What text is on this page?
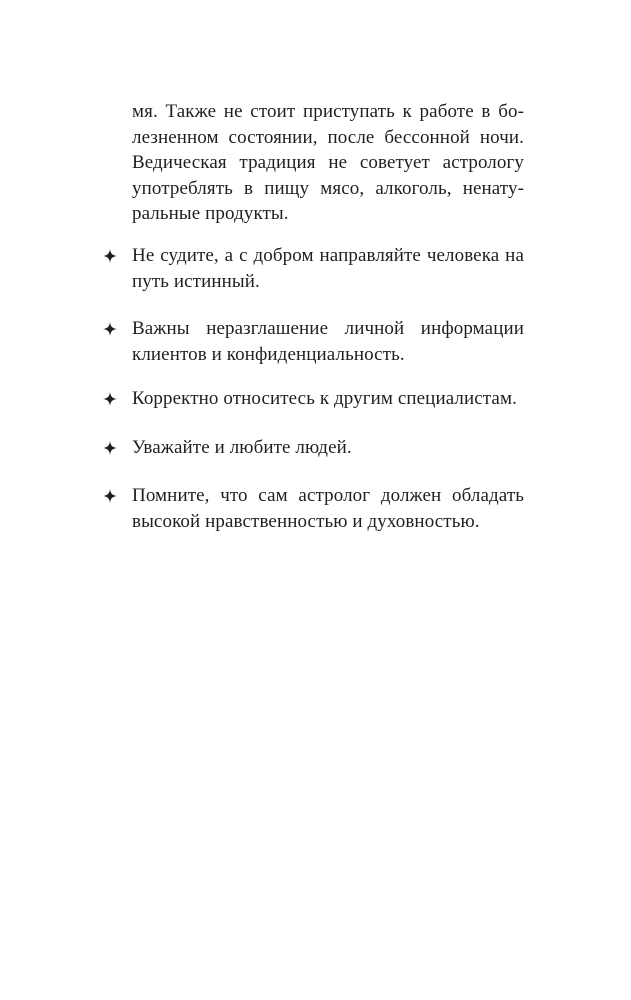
мя. Также не стоит приступать к работе в бо-
лезненном состоянии, после бессонной ночи.
Ведическая традиция не советует астрологу
употреблять в пищу мясо, алкоголь, ненату-
ральные продукты.
Не судите, а с добром направляйте человека на
путь истинный.
Важны неразглашение личной информации
клиентов и конфиденциальность.
Корректно относитесь к другим специалистам.
Уважайте и любите людей.
Помните, что сам астролог должен обладать
высокой нравственностью и духовностью.
